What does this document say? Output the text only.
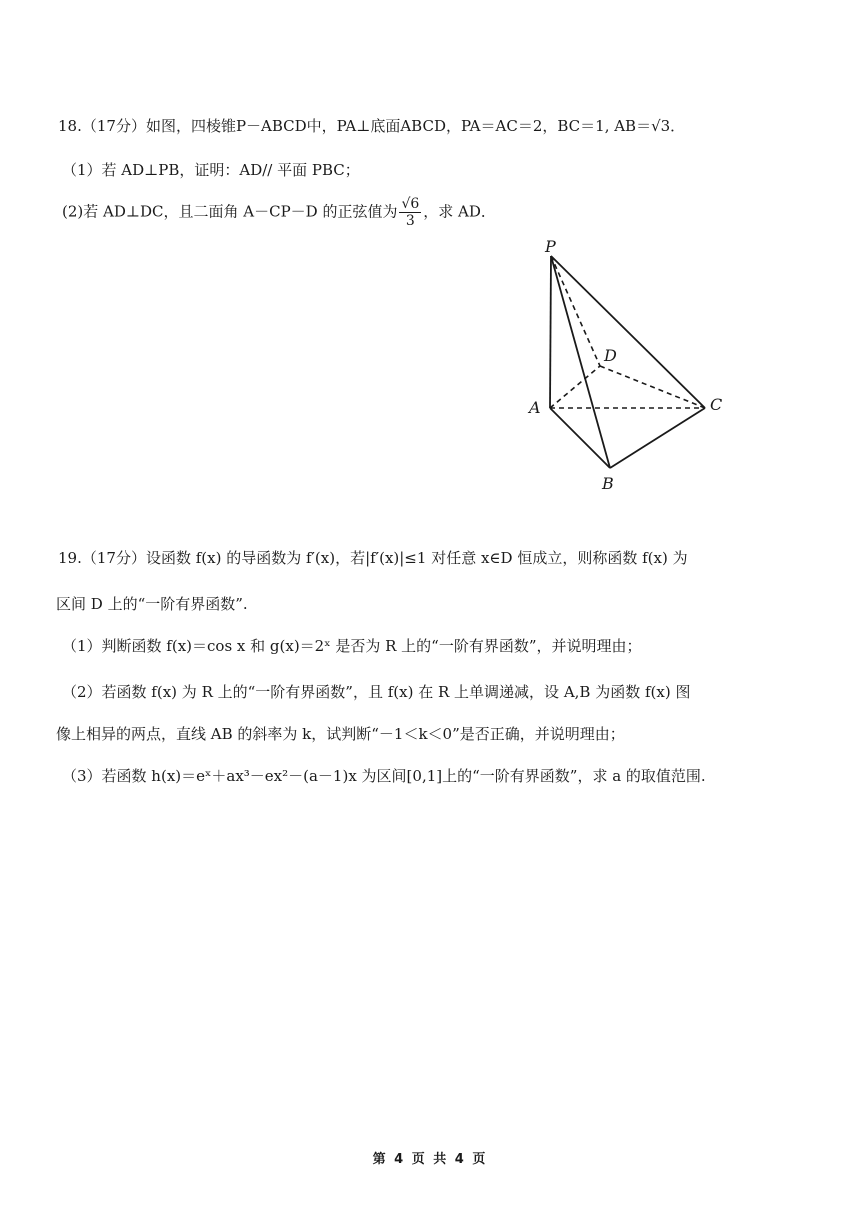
18.（17分）如图，四棱锥P－ABCD中，PA⊥底面ABCD，PA＝AC＝2，BC＝1, AB＝√3．
（1）若 AD⊥PB，证明：AD// 平面 PBC；
(2)若 AD⊥DC，且二面角 A－CP－D 的正弦值为 $\frac{√6}{3}$ ，求 AD．
P
D
A	C
B
19.（17分）设函数 f(x) 的导函数为 f′(x)，若|f′(x)|≤1 对任意 x∈D 恒成立，则称函数 f(x) 为
区间 D 上的“一阶有界函数”.
（1）判断函数 f(x)＝cos x 和 g(x)＝2ˣ 是否为 R 上的“一阶有界函数”，并说明理由；
（2）若函数 f(x) 为 R 上的“一阶有界函数”，且 f(x) 在 R 上单调递减，设 A,B 为函数 f(x) 图
像上相异的两点，直线 AB 的斜率为 k，试判断“－1＜k＜0”是否正确，并说明理由；
（3）若函数 h(x)＝eˣ＋ax³－ex²－(a－1)x 为区间[0,1]上的“一阶有界函数”，求 a 的取值范围.
第 4 页 共 4 页
